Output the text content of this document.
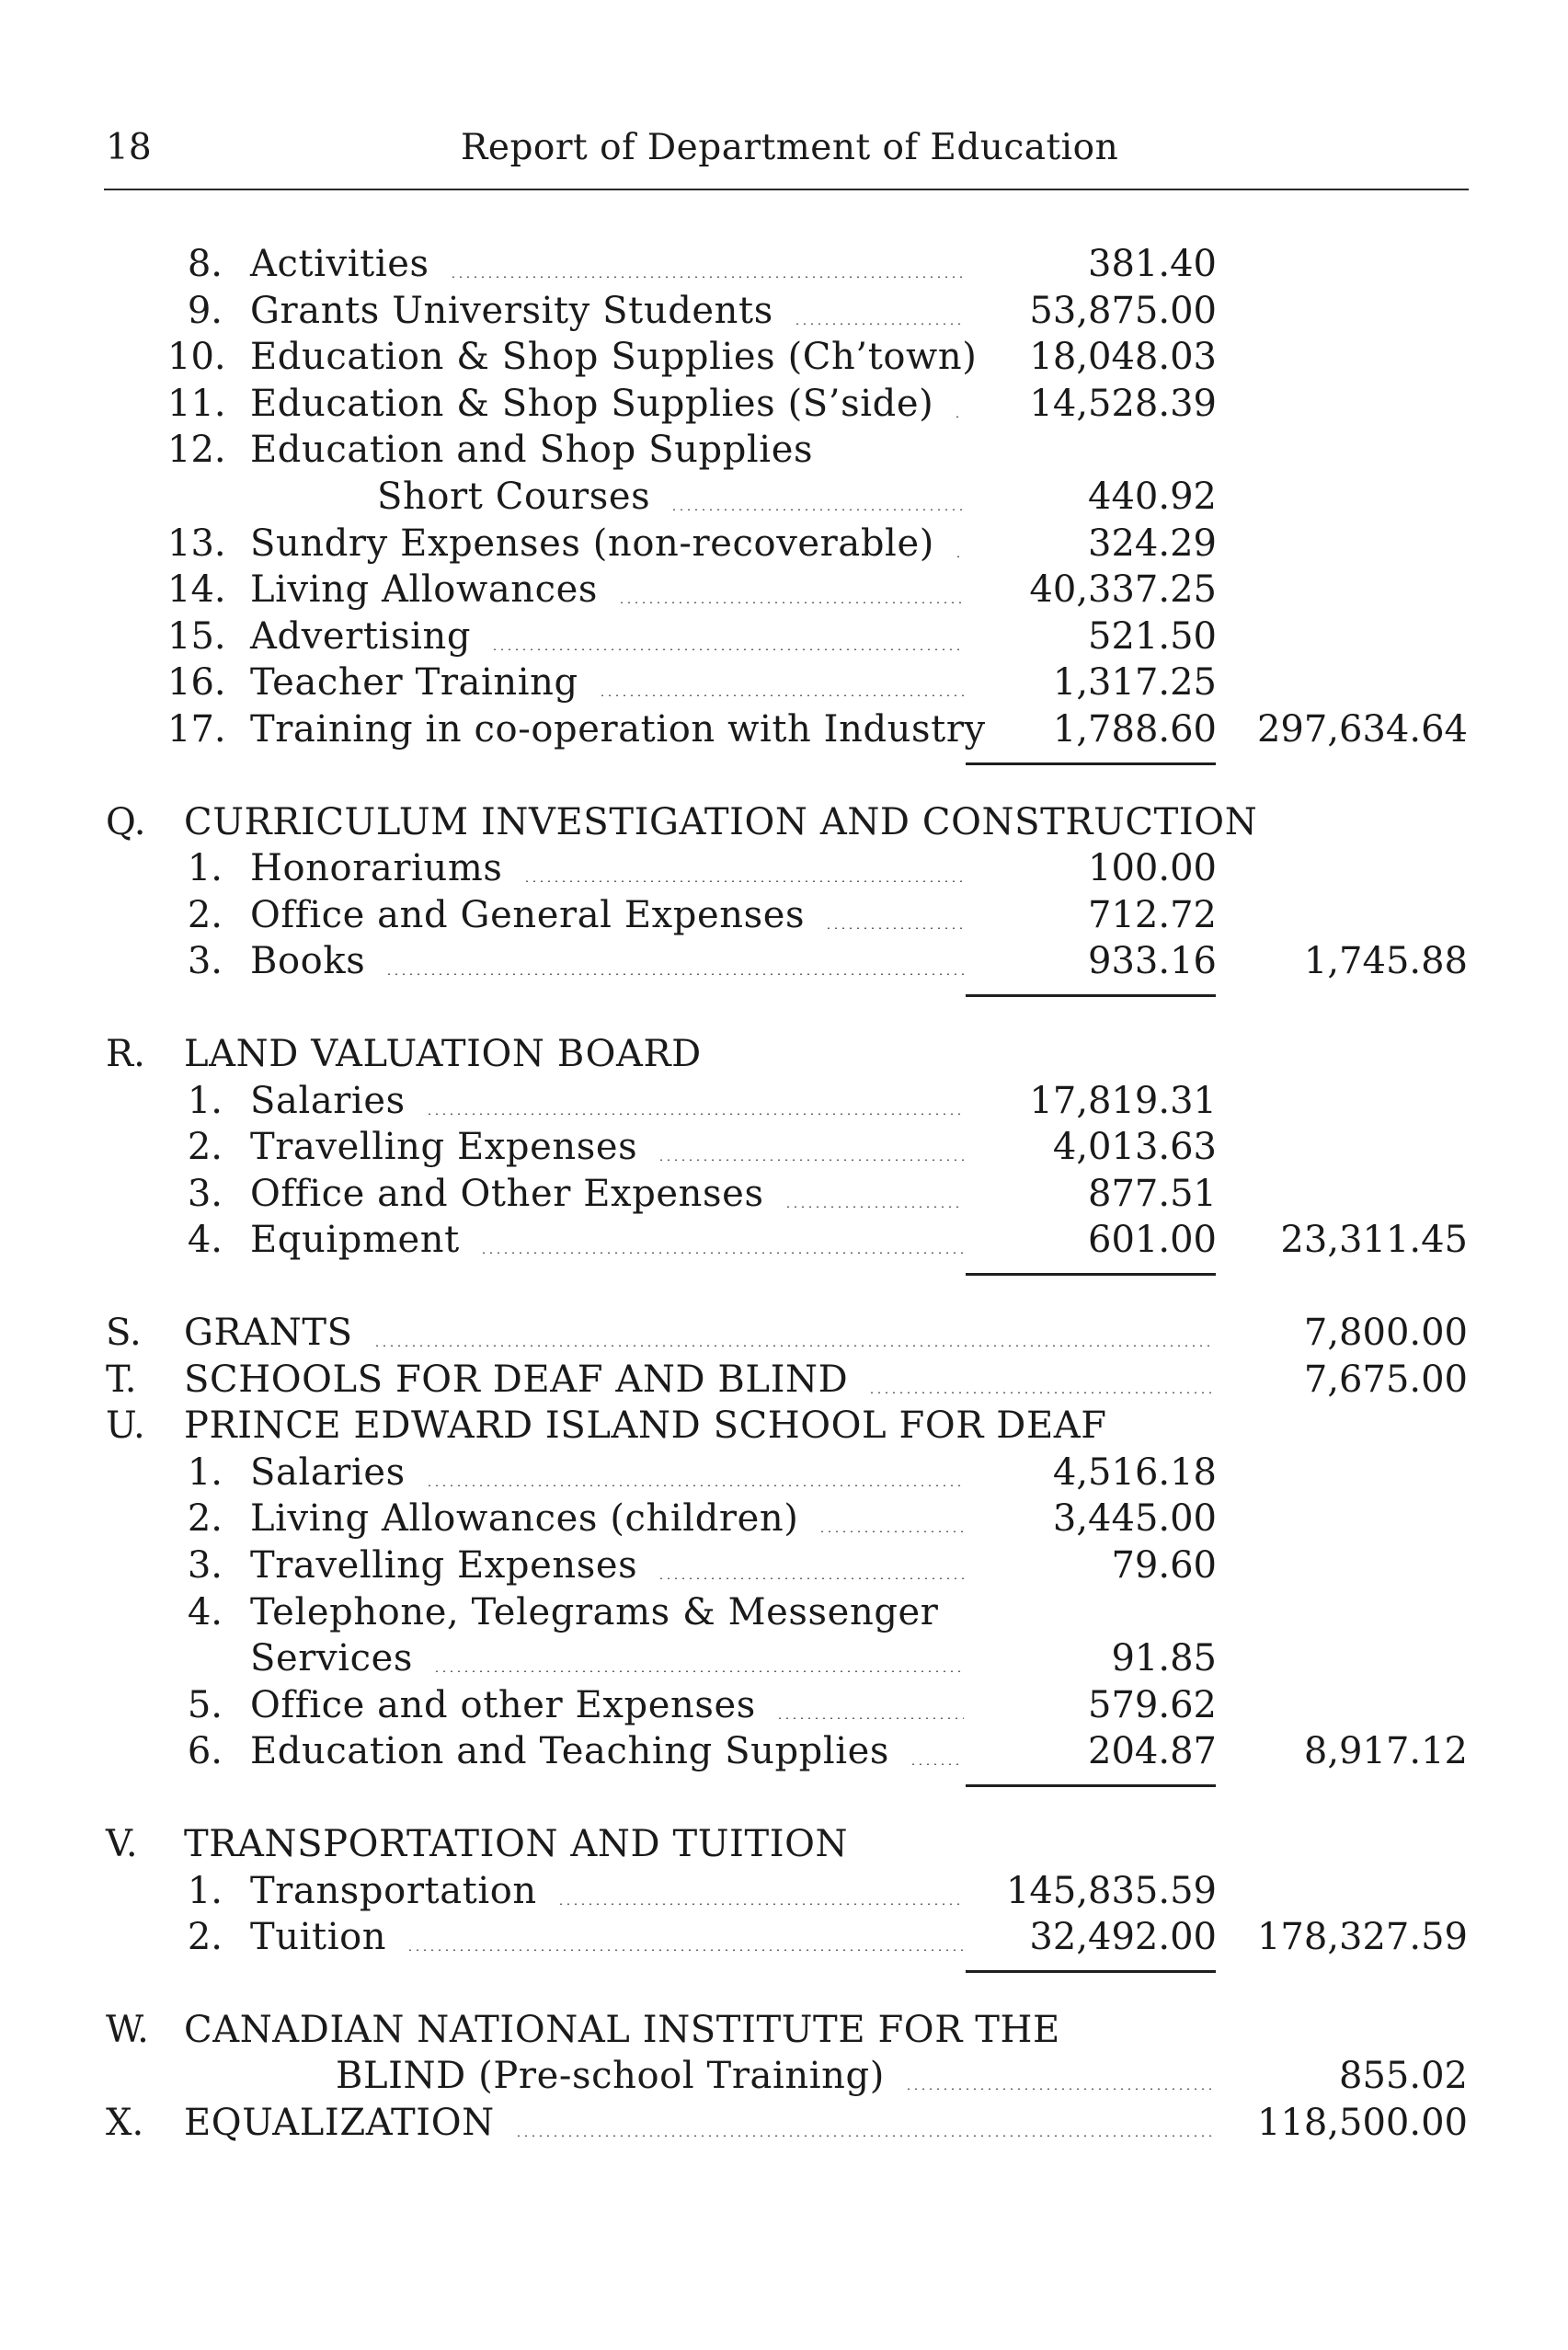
18	Report of Department of Education
8. Activities	381.40
9. Grants University Students	53,875.00
10. Education & Shop Supplies (Ch’town)	18,048.03
11. Education & Shop Supplies (S’side)	14,528.39
12. Education and Shop Supplies
Short Courses	440.92
13. Sundry Expenses (non-recoverable)	324.29
14. Living Allowances	40,337.25
15. Advertising	521.50
16. Teacher Training	1,317.25
17. Training in co-operation with Industry	1,788.60	297,634.64
Q. CURRICULUM INVESTIGATION AND CONSTRUCTION
1. Honorariums	100.00
2. Office and General Expenses	712.72
3. Books	933.16	1,745.88
R. LAND VALUATION BOARD
1. Salaries	17,819.31
2. Travelling Expenses	4,013.63
3. Office and Other Expenses	877.51
4. Equipment	601.00	23,311.45
S. GRANTS	7,800.00
T. SCHOOLS FOR DEAF AND BLIND	7,675.00
U. PRINCE EDWARD ISLAND SCHOOL FOR DEAF
1. Salaries	4,516.18
2. Living Allowances (children)	3,445.00
3. Travelling Expenses	79.60
4. Telephone, Telegrams & Messenger
Services	91.85
5. Office and other Expenses	579.62
6. Education and Teaching Supplies	204.87	8,917.12
V. TRANSPORTATION AND TUITION
1. Transportation	145,835.59
2. Tuition	32,492.00	178,327.59
W. CANADIAN NATIONAL INSTITUTE FOR THE
BLIND (Pre-school Training)	855.02
X. EQUALIZATION	118,500.00
